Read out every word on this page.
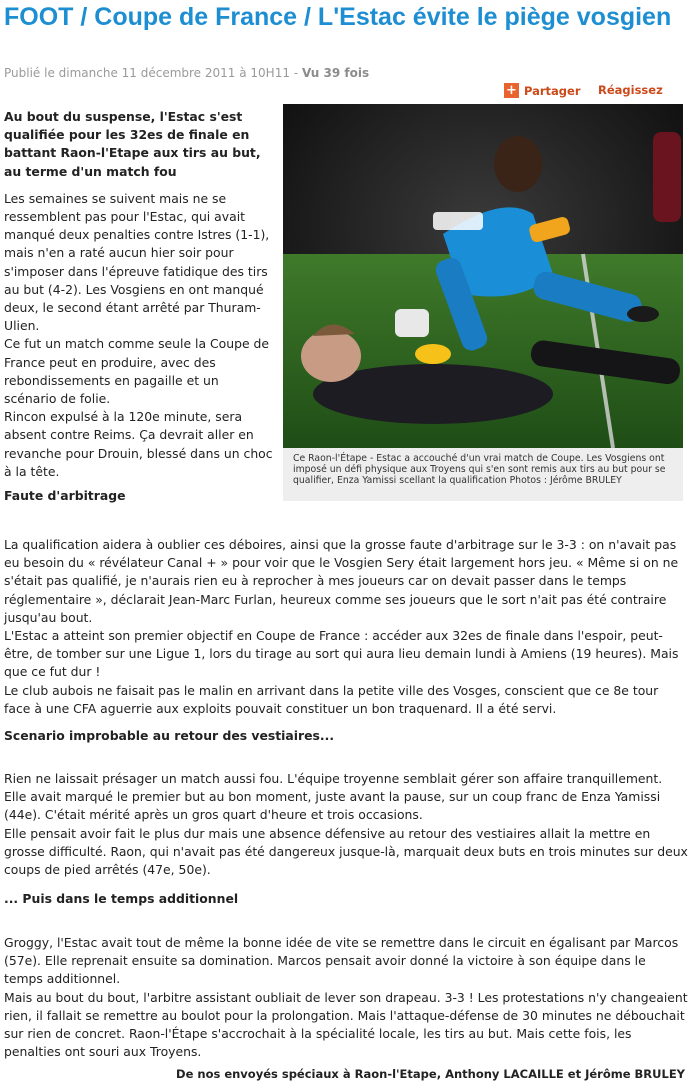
FOOT / Coupe de France / L'Estac évite le piège vosgien
Publié le dimanche 11 décembre 2011 à 10H11 - Vu 39 fois
+ Partager Réagissez

Au bout du suspense, l'Estac s'est qualifiée pour les 32es de finale en battant Raon-l'Etape aux tirs au but, au terme d'un match fou

Les semaines se suivent mais ne se ressemblent pas pour l'Estac, qui avait manqué deux penalties contre Istres (1-1), mais n'en a raté aucun hier soir pour s'imposer dans l'épreuve fatidique des tirs au but (4-2). Les Vosgiens en ont manqué deux, le second étant arrêté par Thuram-Ulien.

Ce fut un match comme seule la Coupe de France peut en produire, avec des rebondissements en pagaille et un scénario de folie.

Rincon expulsé à la 120e minute, sera absent contre Reims. Ça devrait aller en revanche pour Drouin, blessé dans un choc à la tête.

Ce Raon-l'Étape - Estac a accouché d'un vrai match de Coupe. Les Vosgiens ont imposé un défi physique aux Troyens qui s'en sont remis aux tirs au but pour se qualifier, Enza Yamissi scellant la qualification Photos : Jérôme BRULEY
Faute d'arbitrage

La qualification aidera à oublier ces déboires, ainsi que la grosse faute d'arbitrage sur le 3-3 : on n'avait pas eu besoin du « révélateur Canal + » pour voir que le Vosgien Sery était largement hors jeu. « Même si on ne s'était pas qualifié, je n'aurais rien eu à reprocher à mes joueurs car on devait passer dans le temps réglementaire », déclarait Jean-Marc Furlan, heureux comme ses joueurs que le sort n'ait pas été contraire jusqu'au bout.

L'Estac a atteint son premier objectif en Coupe de France : accéder aux 32es de finale dans l'espoir, peut-être, de tomber sur une Ligue 1, lors du tirage au sort qui aura lieu demain lundi à Amiens (19 heures). Mais que ce fut dur !

Le club aubois ne faisait pas le malin en arrivant dans la petite ville des Vosges, conscient que ce 8e tour face à une CFA aguerrie aux exploits pouvait constituer un bon traquenard. Il a été servi.

Scenario improbable au retour des vestiaires...

Rien ne laissait présager un match aussi fou. L'équipe troyenne semblait gérer son affaire tranquillement. Elle avait marqué le premier but au bon moment, juste avant la pause, sur un coup franc de Enza Yamissi (44e). C'était mérité après un gros quart d'heure et trois occasions.

Elle pensait avoir fait le plus dur mais une absence défensive au retour des vestiaires allait la mettre en grosse difficulté. Raon, qui n'avait pas été dangereux jusque-là, marquait deux buts en trois minutes sur deux coups de pied arrêtés (47e, 50e).

... Puis dans le temps additionnel

Groggy, l'Estac avait tout de même la bonne idée de vite se remettre dans le circuit en égalisant par Marcos (57e). Elle reprenait ensuite sa domination. Marcos pensait avoir donné la victoire à son équipe dans le temps additionnel.

Mais au bout du bout, l'arbitre assistant oubliait de lever son drapeau. 3-3 ! Les protestations n'y changeaient rien, il fallait se remettre au boulot pour la prolongation. Mais l'attaque-défense de 30 minutes ne débouchait sur rien de concret. Raon-l'Étape s'accrochait à la spécialité locale, les tirs au but. Mais cette fois, les penalties ont souri aux Troyens.

De nos envoyés spéciaux à Raon-l'Etape, Anthony LACAILLE et Jérôme BRULEY
